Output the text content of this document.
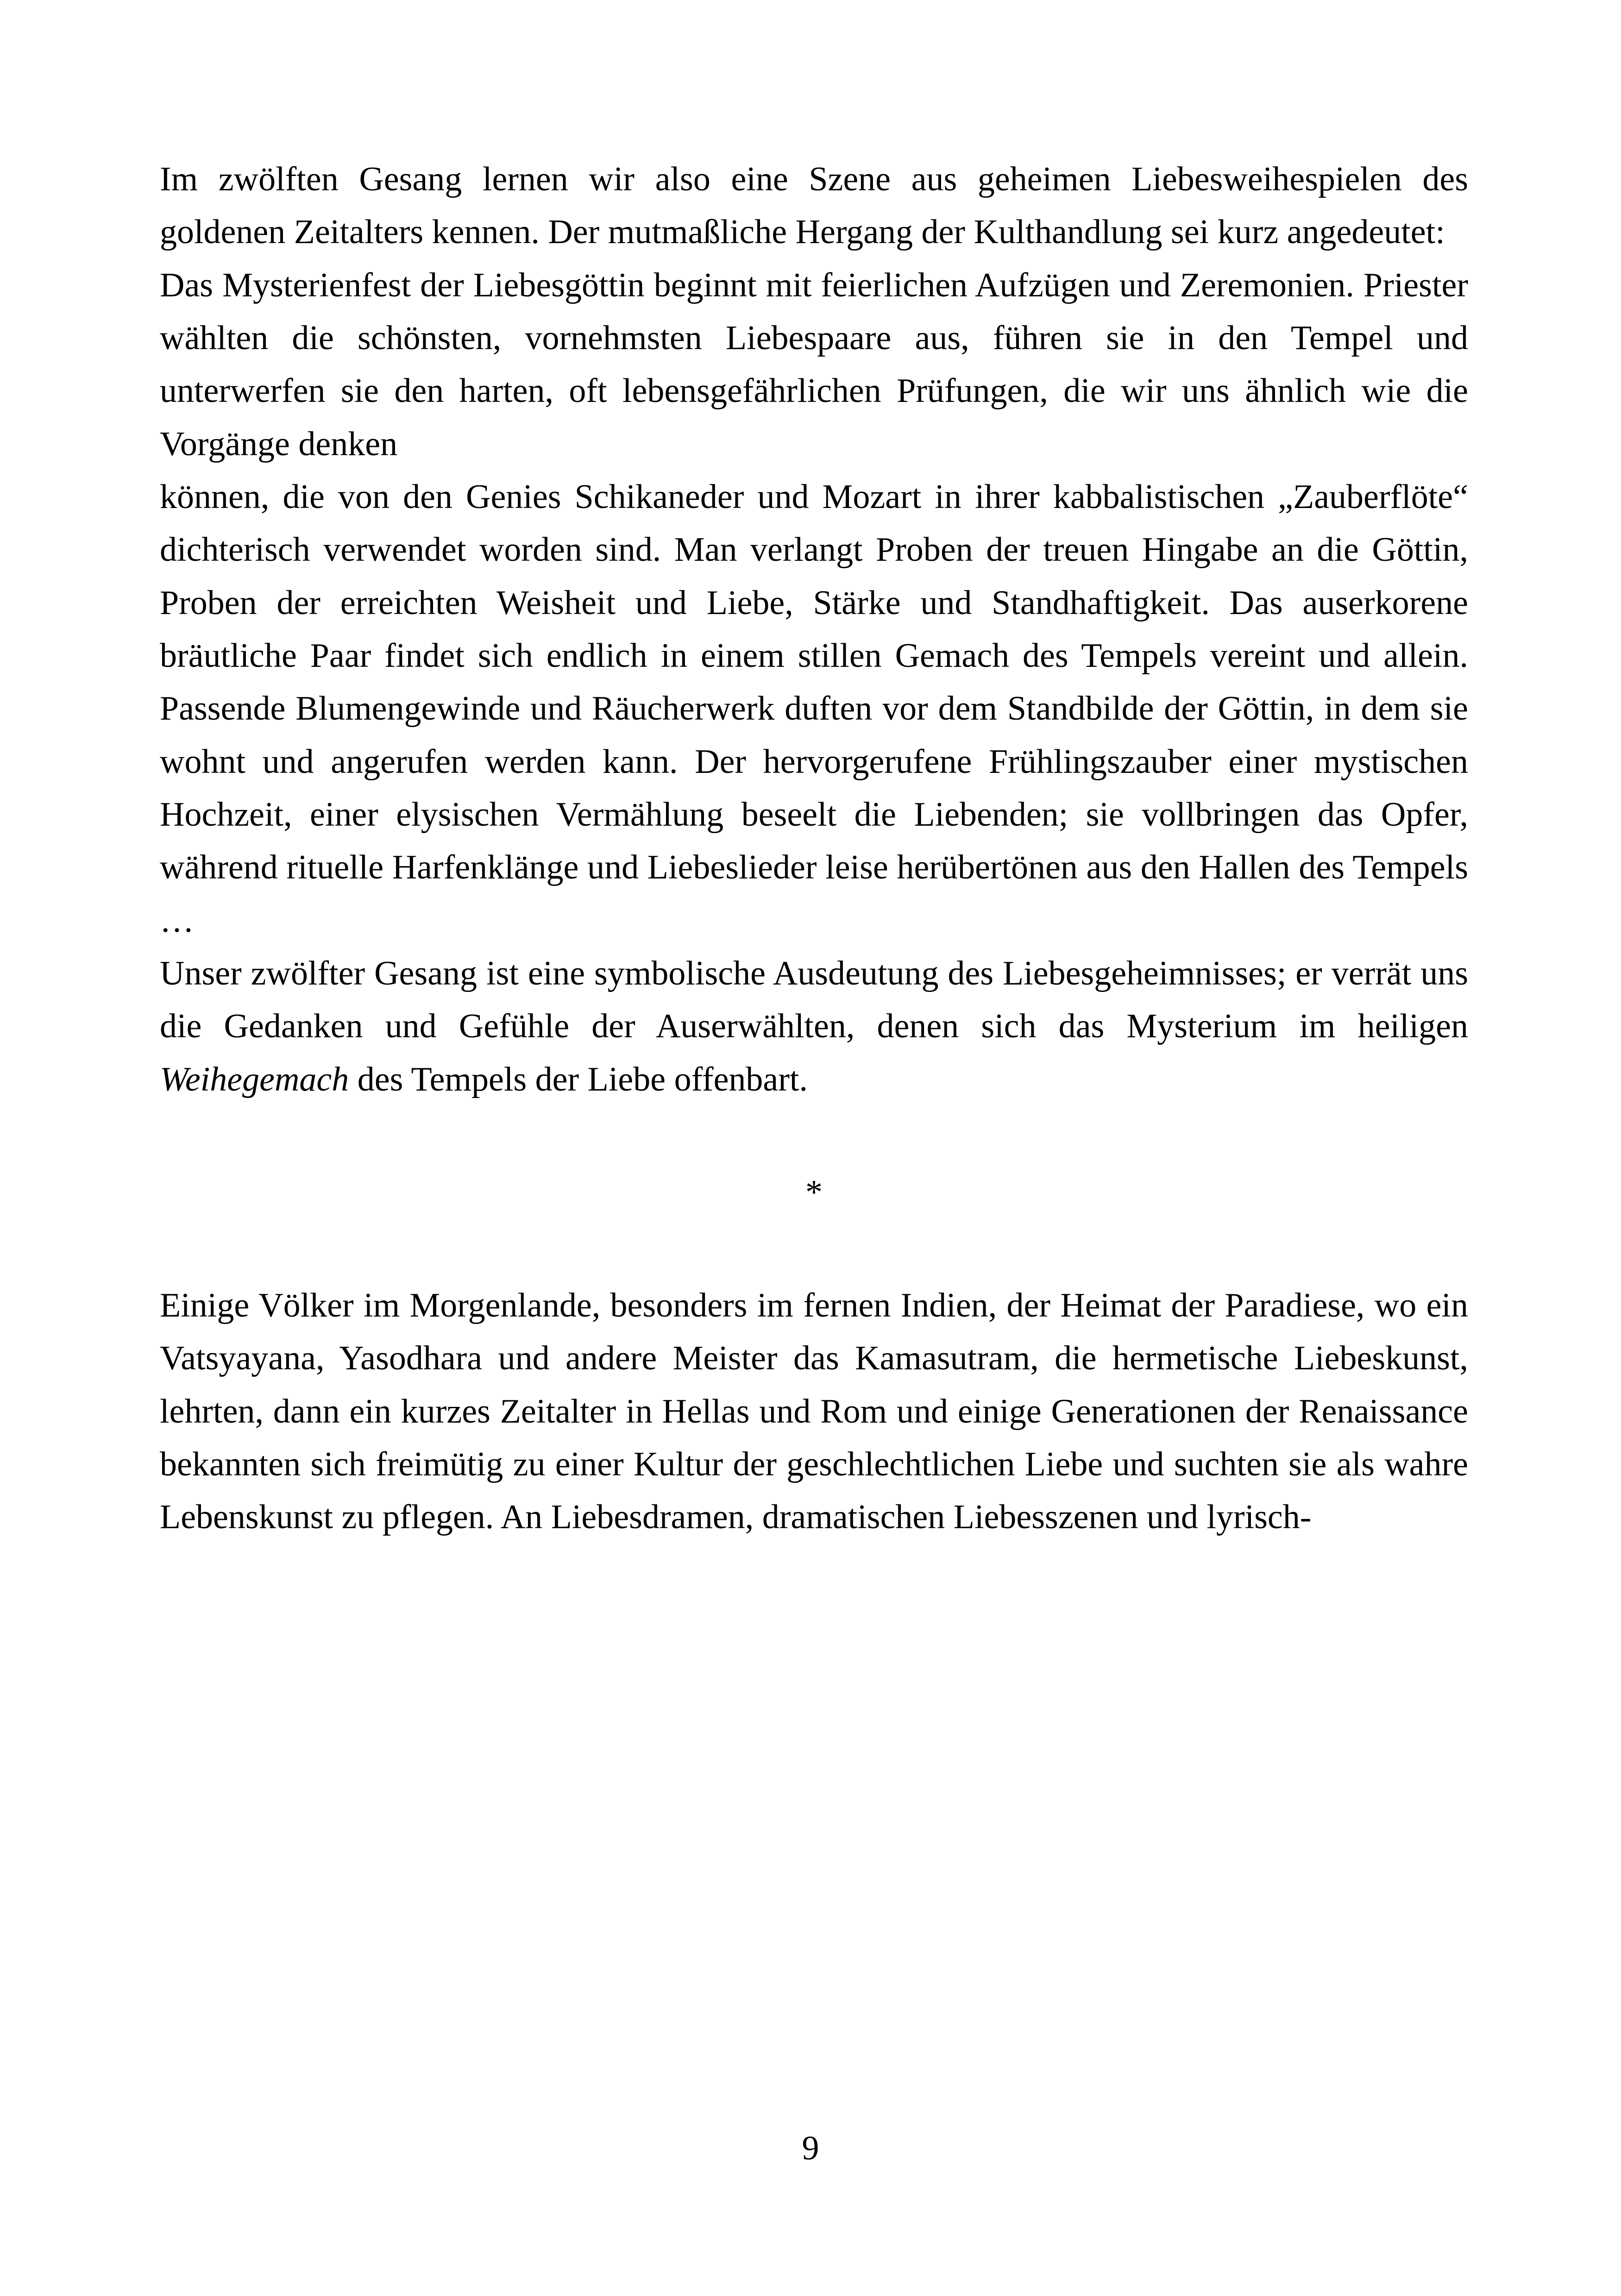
Im zwölften Gesang lernen wir also eine Szene aus geheimen Liebesweihespielen des goldenen Zeitalters kennen. Der mutmaßliche Hergang der Kulthandlung sei kurz angedeutet:

Das Mysterienfest der Liebesgöttin beginnt mit feierlichen Aufzügen und Zeremonien. Priester wählten die schönsten, vornehmsten Liebespaare aus, führen sie in den Tempel und unterwerfen sie den harten, oft lebensgefährlichen Prüfungen, die wir uns ähnlich wie die Vorgänge denken

können, die von den Genies Schikaneder und Mozart in ihrer kabbalistischen „Zauberflöte“ dichterisch verwendet worden sind. Man verlangt Proben der treuen Hingabe an die Göttin, Proben der erreichten Weisheit und Liebe, Stärke und Standhaftigkeit. Das auserkorene bräutliche Paar findet sich endlich in einem stillen Gemach des Tempels vereint und allein. Passende Blumengewinde und Räucherwerk duften vor dem Standbilde der Göttin, in dem sie wohnt und angerufen werden kann. Der hervorgerufene Frühlingszauber einer mystischen Hochzeit, einer elysischen Vermählung beseelt die Liebenden; sie vollbringen das Opfer, während rituelle Harfenklänge und Liebeslieder leise herübertönen aus den Hallen des Tempels …

Unser zwölfter Gesang ist eine symbolische Ausdeutung des Liebesgeheimnisses; er verrät uns die Gedanken und Gefühle der Auserwählten, denen sich das Mysterium im heiligen Weihegemach des Tempels der Liebe offenbart.

*

Einige Völker im Morgenlande, besonders im fernen Indien, der Heimat der Paradiese, wo ein Vatsyayana, Yasodhara und andere Meister das Kamasutram, die hermetische Liebeskunst, lehrten, dann ein kurzes Zeitalter in Hellas und Rom und einige Generationen der Renaissance bekannten sich freimütig zu einer Kultur der geschlechtlichen Liebe und suchten sie als wahre Lebenskunst zu pflegen. An Liebesdramen, dramatischen Liebesszenen und lyrisch-

9
